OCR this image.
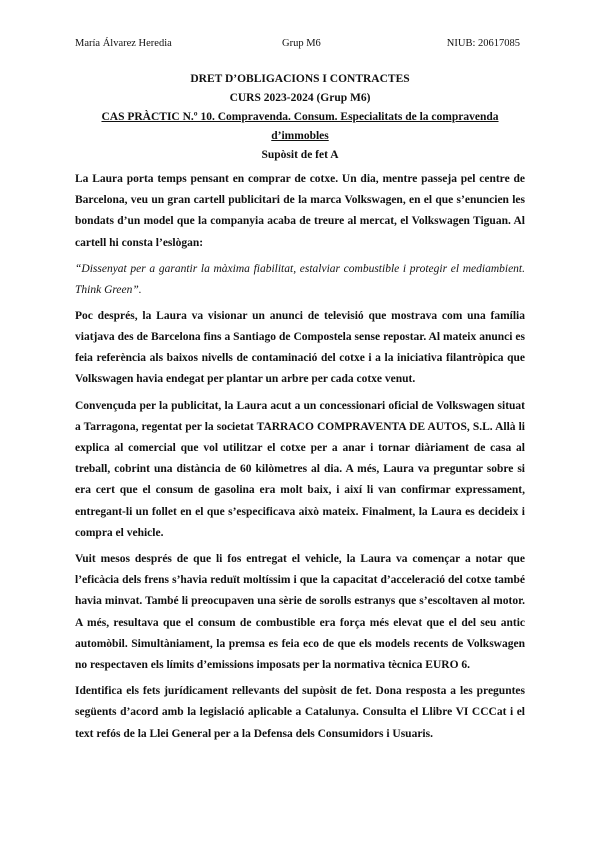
María Álvarez Heredia	Grup M6	NIUB: 20617085

DRET D’OBLIGACIONS I CONTRACTES

CURS 2023-2024 (Grup M6)

CAS PRÀCTIC N.º 10. Compravenda. Consum. Especialitats de la compravenda d’immobles

Supòsit de fet A

La Laura porta temps pensant en comprar de cotxe. Un dia, mentre passeja pel centre de Barcelona, veu un gran cartell publicitari de la marca Volkswagen, en el que s’enuncien les bondats d’un model que la companyia acaba de treure al mercat, el Volkswagen Tiguan. Al cartell hi consta l’eslògan:

“Dissenyat per a garantir la màxima fiabilitat, estalviar combustible i protegir el mediambient. Think Green”.

Poc després, la Laura va visionar un anunci de televisió que mostrava com una família viatjava des de Barcelona fins a Santiago de Compostela sense repostar. Al mateix anunci es feia referència als baixos nivells de contaminació del cotxe i a la iniciativa filantròpica que Volkswagen havia endegat per plantar un arbre per cada cotxe venut.

Convençuda per la publicitat, la Laura acut a un concessionari oficial de Volkswagen situat a Tarragona, regentat per la societat TARRACO COMPRAVENTA DE AUTOS, S.L. Allà li explica al comercial que vol utilitzar el cotxe per a anar i tornar diàriament de casa al treball, cobrint una distància de 60 kilòmetres al dia. A més, Laura va preguntar sobre si era cert que el consum de gasolina era molt baix, i així li van confirmar expressament, entregant-li un follet en el que s’especificava això mateix. Finalment, la Laura es decideix i compra el vehicle.

Vuit mesos després de que li fos entregat el vehicle, la Laura va començar a notar que l’eficàcia dels frens s’havia reduït moltíssim i que la capacitat d’acceleració del cotxe també havia minvat. També li preocupaven una sèrie de sorolls estranys que s’escoltaven al motor. A més, resultava que el consum de combustible era força més elevat que el del seu antic automòbil. Simultàniament, la premsa es feia eco de que els models recents de Volkswagen no respectaven els límits d’emissions imposats per la normativa tècnica EURO 6.

Identifica els fets jurídicament rellevants del supòsit de fet. Dona resposta a les preguntes següents d’acord amb la legislació aplicable a Catalunya. Consulta el Llibre VI CCCat i el text refós de la Llei General per a la Defensa dels Consumidors i Usuaris.
